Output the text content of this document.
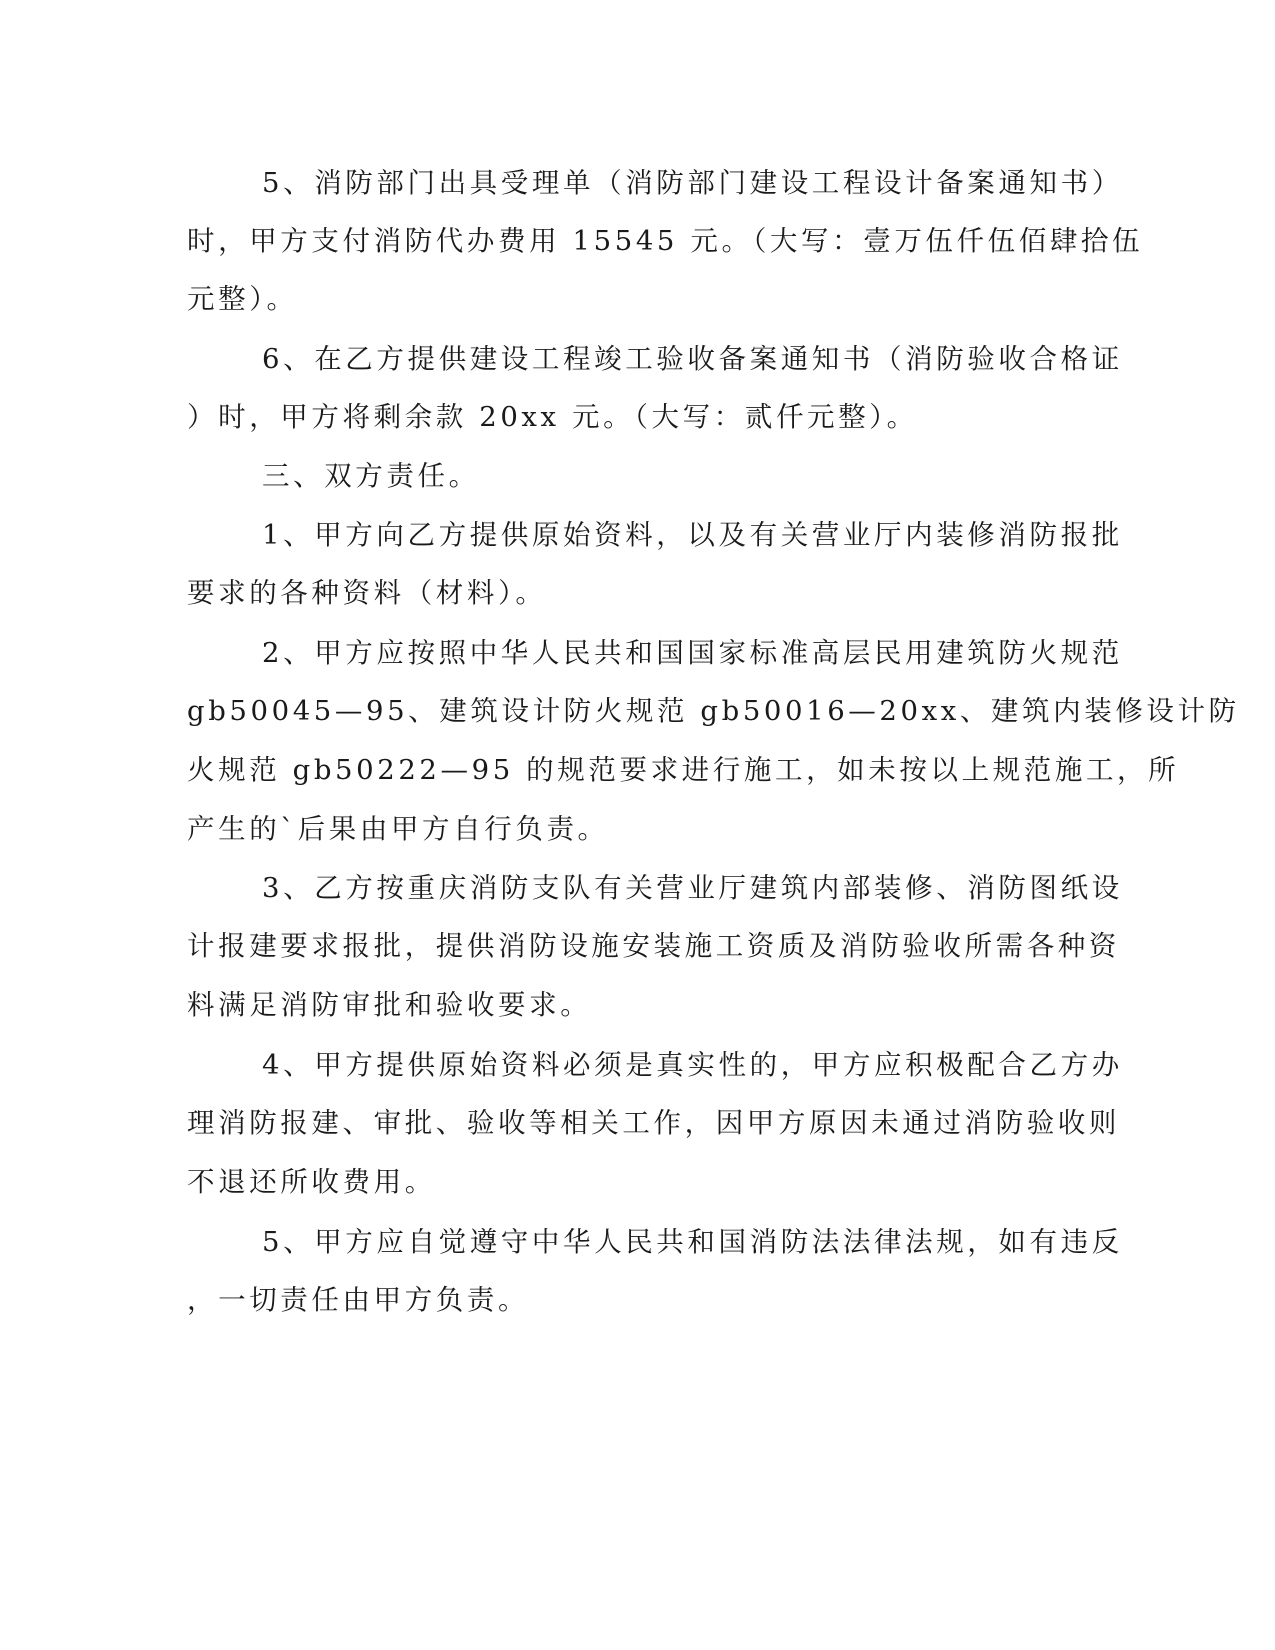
5、消防部门出具受理单（消防部门建设工程设计备案通知书）
时，甲方支付消防代办费用 15545 元。（大写：壹万伍仟伍佰肆拾伍
元整）。
6、在乙方提供建设工程竣工验收备案通知书（消防验收合格证
）时，甲方将剩余款 20xx 元。（大写：贰仟元整）。
三、双方责任。
1、甲方向乙方提供原始资料，以及有关营业厅内装修消防报批
要求的各种资料（材料）。
2、甲方应按照中华人民共和国国家标准高层民用建筑防火规范
gb50045—95、建筑设计防火规范 gb50016—20xx、建筑内装修设计防
火规范 gb50222—95 的规范要求进行施工，如未按以上规范施工，所
产生的`后果由甲方自行负责。
3、乙方按重庆消防支队有关营业厅建筑内部装修、消防图纸设
计报建要求报批，提供消防设施安装施工资质及消防验收所需各种资
料满足消防审批和验收要求。
4、甲方提供原始资料必须是真实性的，甲方应积极配合乙方办
理消防报建、审批、验收等相关工作，因甲方原因未通过消防验收则
不退还所收费用。
5、甲方应自觉遵守中华人民共和国消防法法律法规，如有违反
，一切责任由甲方负责。
